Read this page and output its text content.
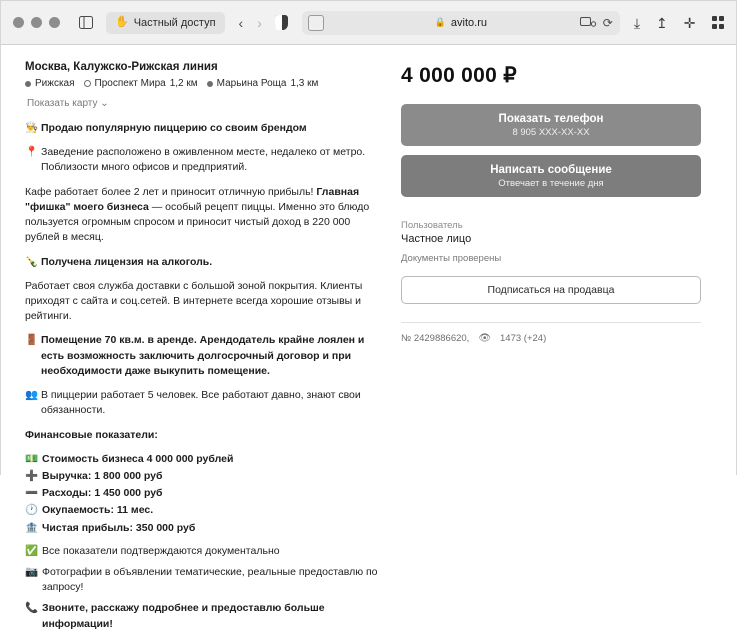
✋ Частный доступ ‹ ›	🔒 avito.ru	⟳ ⤓ ↥ ✛
Москва, Калужско-Рижская линия
Рижская Проспект Мира 1,2 км Марьина Роща 1,3 км
Показать карту ⌄

👨‍🍳 Продаю популярную пиццерию со своим брендом

📍 Заведение расположено в оживленном месте, недалеко от метро. Поблизости много офисов и предприятий.

Кафе работает более 2 лет и приносит отличную прибыль! Главная "фишка" моего бизнеса — особый рецепт пиццы. Именно это блюдо пользуется огромным спросом и приносит чистый доход в 220 000 рублей в месяц.

🍾 Получена лицензия на алкоголь.

Работает своя служба доставки с большой зоной покрытия. Клиенты приходят с сайта и соц.сетей. В интернете всегда хорошие отзывы и рейтинги.

🚪 Помещение 70 кв.м. в аренде. Арендодатель крайне лоялен и есть возможность заключить долгосрочный договор и при необходимости даже выкупить помещение.

👥 В пиццерии работает 5 человек. Все работают давно, знают свои обязанности.

Финансовые показатели:

💵 Стоимость бизнеса 4 000 000 рублей
➕ Выручка: 1 800 000 руб
➖ Расходы: 1 450 000 руб
🕐 Окупаемость: 11 мес.
🏦 Чистая прибыль: 350 000 руб
✅ Все показатели подтверждаются документально
📷 Фотографии в объявлении тематические, реальные предоставлю по запросу!
📞 Звоните, расскажу подробнее и предоставлю больше информации!
4 000 000 ₽
Показать телефон
8 905 XXX-XX-XX

Написать сообщение
Отвечает в течение дня
Пользователь
Частное лицо
Документы проверены
Подписаться на продавца
№ 2429886620, 👁 1473 (+24)
